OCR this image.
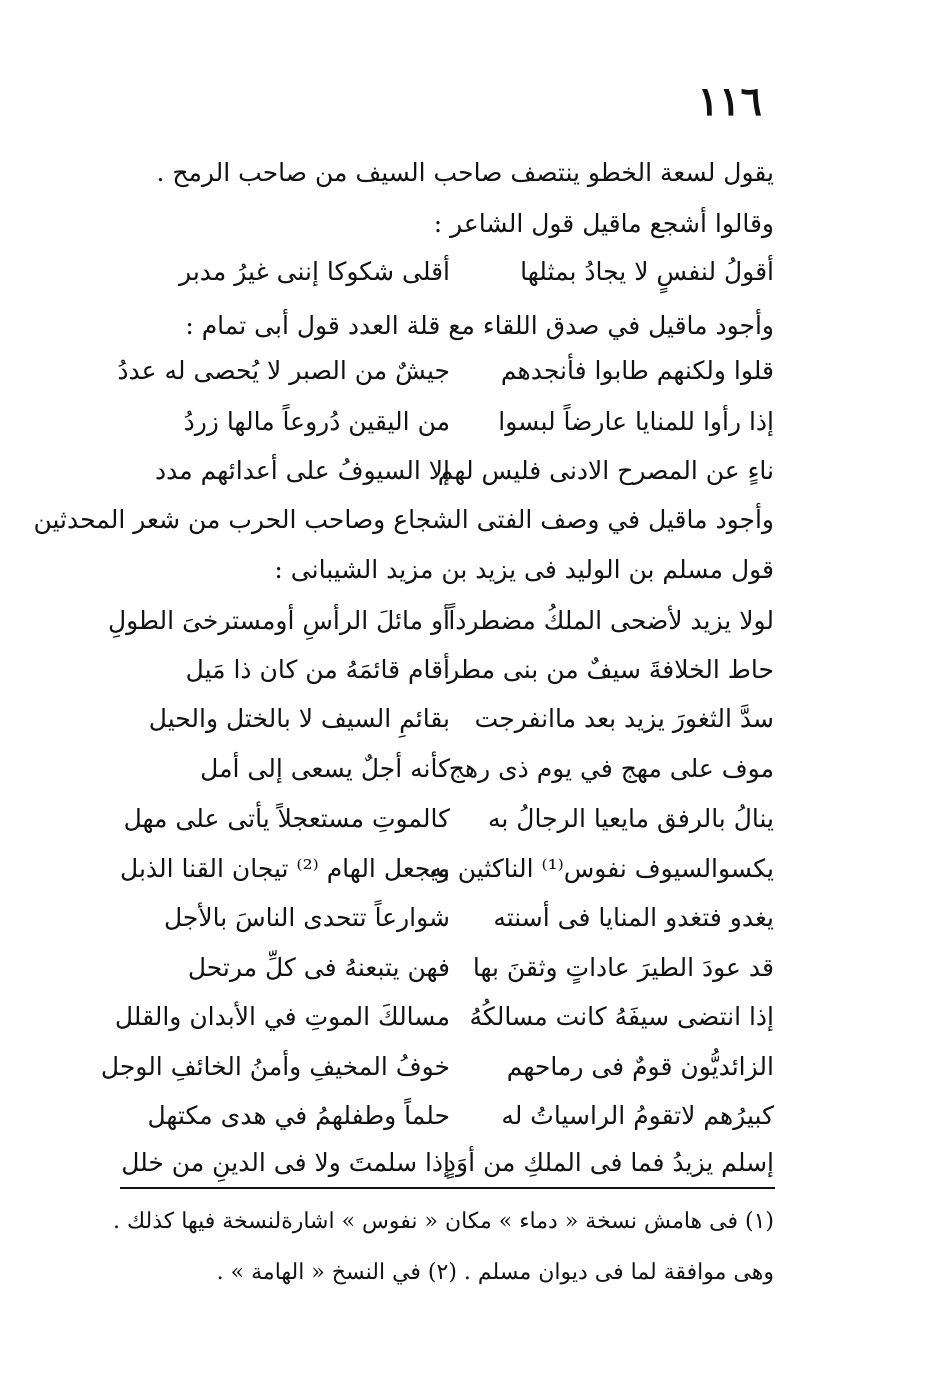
١١٦
يقول لسعة الخطو ينتصف صاحب السيف من صاحب الرمح .
وقالوا أشجع ماقيل قول الشاعر :
أقولُ لنفسٍ لا يجادُ بمثلها
أقلى شكوكا إننى غيرُ مدبر
وأجود ماقيل في صدق اللقاء مع قلة العدد قول أبى تمام :
قلوا ولكنهم طابوا فأنجدهم
جيشٌ من الصبر لا يُحصى له عددُ
إذا رأوا للمنايا عارضاً لبسوا
من اليقين دُروعاً مالها زردُ
ناءٍ عن المصرح الادنى فليس لهم
إلا السيوفُ على أعدائهم مدد
وأجود ماقيل في وصف الفتى الشجاع وصاحب الحرب من شعر المحدثين
قول مسلم بن الوليد فى يزيد بن مزيد الشيبانى :
لولا يزيد لأضحى الملكُ مضطرداً
أو مائلَ الرأسِ أومسترخىَ الطولِ
حاط الخلافةَ سيفٌ من بنى مطر
أقام قائمَهُ من كان ذا مَيل
سدَّ الثغورَ يزيد بعد ماانفرجت
بقائمِ السيف لا بالختل والحيل
موف على مهج في يوم ذى رهج
كأنه أجلٌ يسعى إلى أمل
ينالُ بالرفق مايعيا الرجالُ به
كالموتِ مستعجلاً يأتى على مهل
يكسوالسيوف نفوس⁽¹⁾ الناكثين به
ويجعل الهام ⁽²⁾ تيجان القنا الذبل
يغدو فتغدو المنايا فى أسنته
شوارعاً تتحدى الناسَ بالأجل
قد عودَ الطيرَ عاداتٍ وثقنَ بها
فهن يتبعنهُ فى كلِّ مرتحل
إذا انتضى سيفَهُ كانت مسالكُهُ
مسالكَ الموتِ في الأبدان والقلل
الزائديُّون قومٌ فى رماحهم
خوفُ المخيفِ وأمنُ الخائفِ الوجل
كبيرُهم لاتقومُ الراسياتُ له
حلماً وطفلهمُ في هدى مكتهل
إسلم يزيدُ فما فى الملكِ من أوَدٍ
إذا سلمتَ ولا فى الدينِ من خلل
(١) فى هامش نسخة « دماء » مكان « نفوس » اشارةلنسخة فيها كذلك .
وهى موافقة لما فى ديوان مسلم . (٢) في النسخ « الهامة » .
